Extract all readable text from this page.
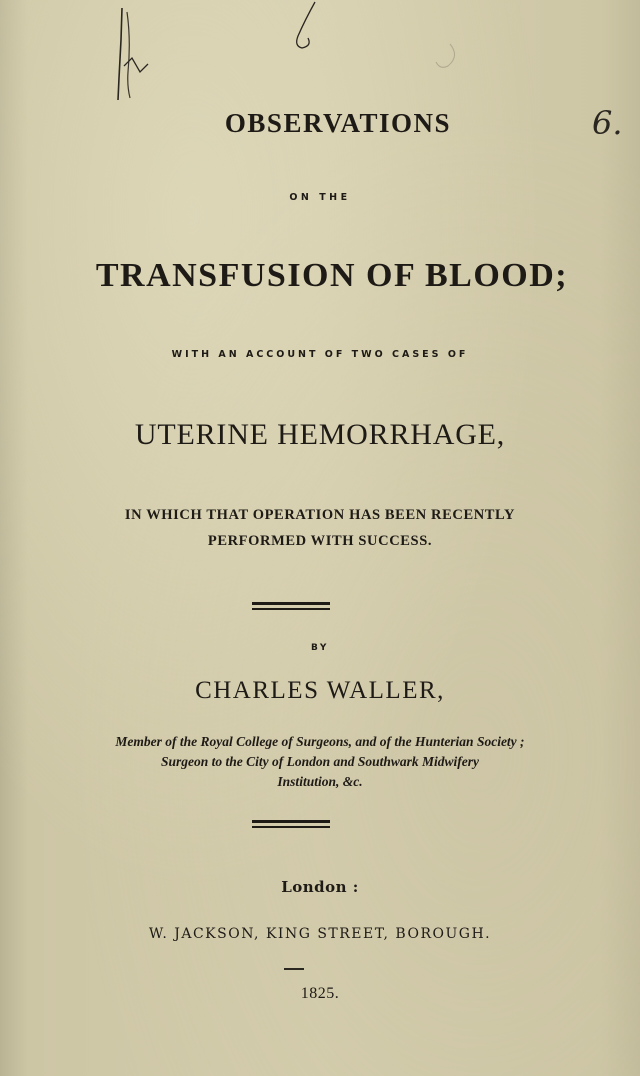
6.
OBSERVATIONS
ON THE
TRANSFUSION OF BLOOD;
WITH AN ACCOUNT OF TWO CASES OF
UTERINE HEMORRHAGE,
IN WHICH THAT OPERATION HAS BEEN RECENTLY
PERFORMED WITH SUCCESS.
BY
CHARLES WALLER,
Member of the Royal College of Surgeons, and of the Hunterian Society ;
Surgeon to the City of London and Southwark Midwifery
Institution, &c.
London :
W. JACKSON, KING STREET, BOROUGH.
1825.
